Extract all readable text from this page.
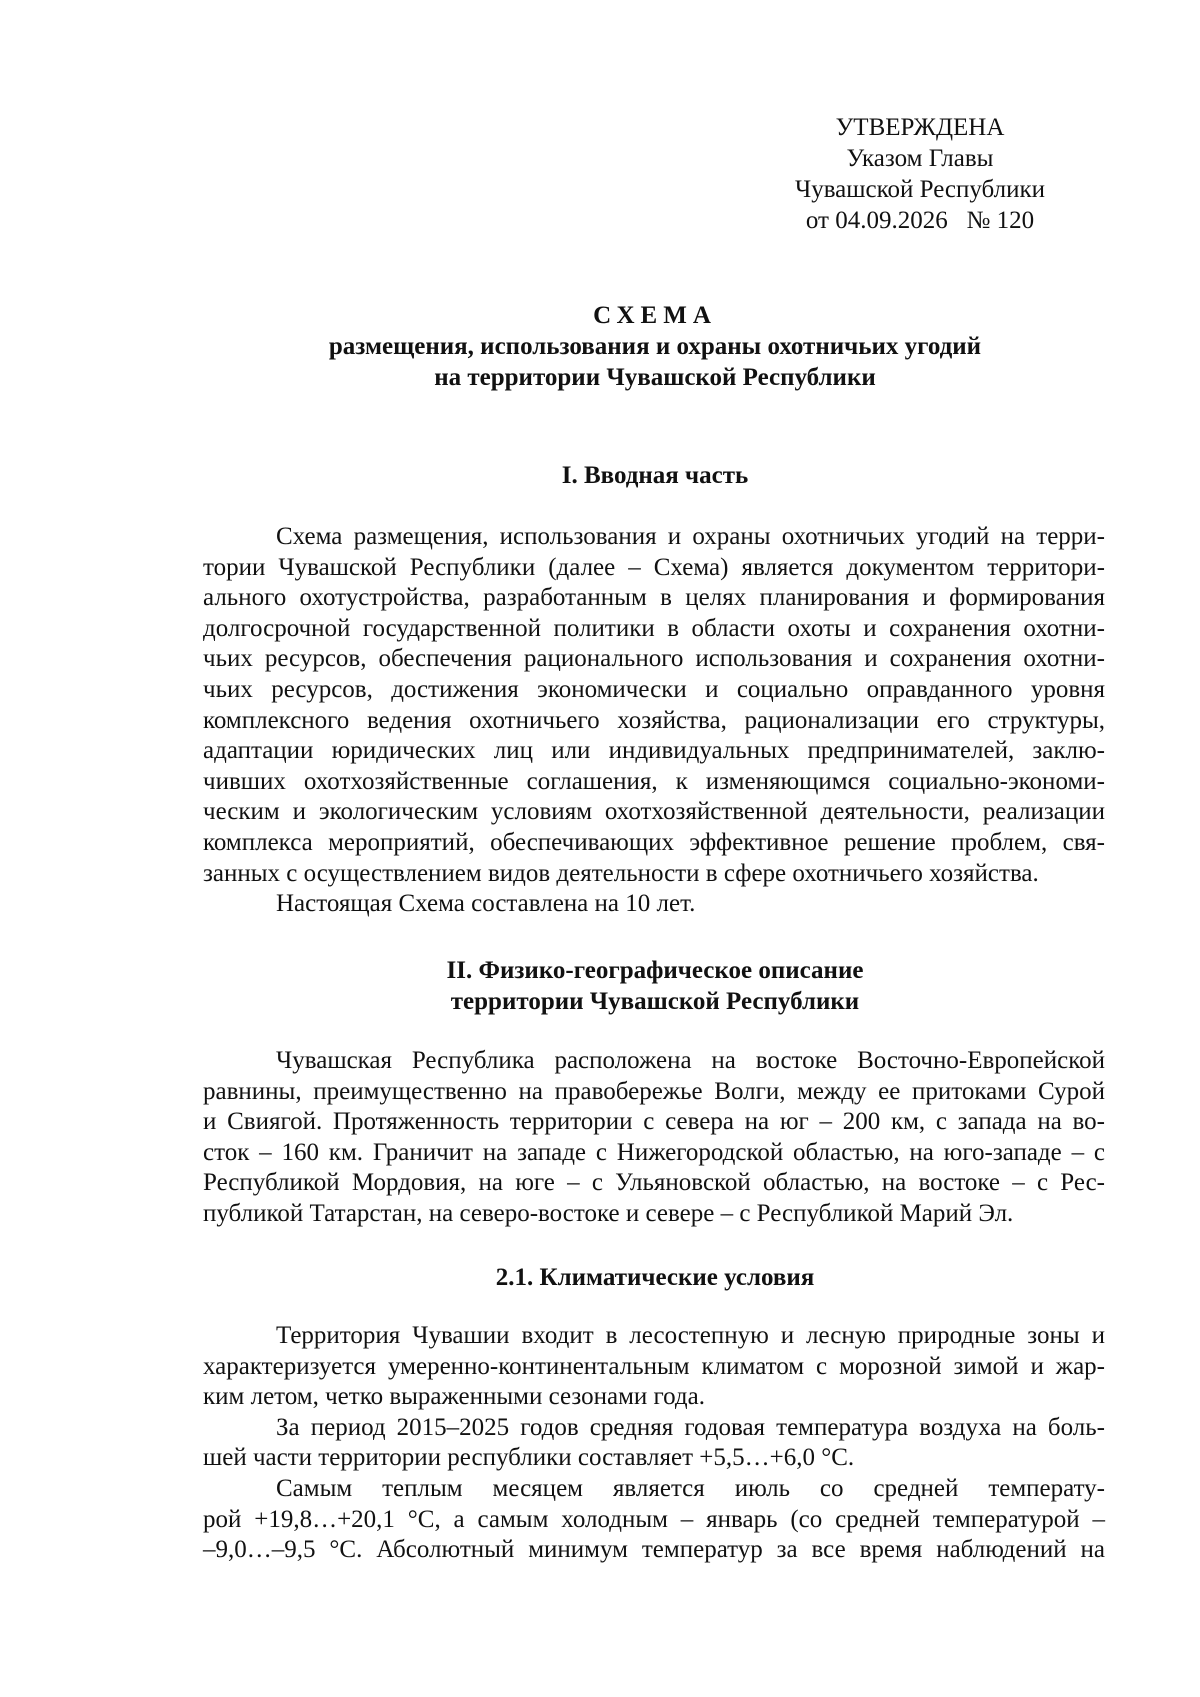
УТВЕРЖДЕНА
Указом Главы
Чувашской Республики
от 04.09.2026   № 120
СХЕМА
размещения, использования и охраны охотничьих угодий
на территории Чувашской Республики
I. Вводная часть
Схема размещения, использования и охраны охотничьих угодий на терри-
тории Чувашской Республики (далее – Схема) является документом территори-
ального охотустройства, разработанным в целях планирования и формирования
долгосрочной государственной политики в области охоты и сохранения охотни-
чьих ресурсов, обеспечения рационального использования и сохранения охотни-
чьих ресурсов, достижения экономически и социально оправданного уровня
комплексного ведения охотничьего хозяйства, рационализации его структуры,
адаптации юридических лиц или индивидуальных предпринимателей, заклю-
чивших охотхозяйственные соглашения, к изменяющимся социально-экономи-
ческим и экологическим условиям охотхозяйственной деятельности, реализации
комплекса мероприятий, обеспечивающих эффективное решение проблем, свя-
занных с осуществлением видов деятельности в сфере охотничьего хозяйства.
Настоящая Схема составлена на 10 лет.
II. Физико-географическое описание
территории Чувашской Республики
Чувашская Республика расположена на востоке Восточно-Европейской
равнины, преимущественно на правобережье Волги, между ее притоками Сурой
и Свиягой. Протяженность территории с севера на юг – 200 км, с запада на во-
сток – 160 км. Граничит на западе с Нижегородской областью, на юго-западе – с
Республикой Мордовия, на юге – с Ульяновской областью, на востоке – с Рес-
публикой Татарстан, на северо-востоке и севере – с Республикой Марий Эл.
2.1. Климатические условия
Территория Чувашии входит в лесостепную и лесную природные зоны и
характеризуется умеренно-континентальным климатом с морозной зимой и жар-
ким летом, четко выраженными сезонами года.
За период 2015–2025 годов средняя годовая температура воздуха на боль-
шей части территории республики составляет +5,5…+6,0 °С.
Самым теплым месяцем является июль со средней температу-
рой +19,8…+20,1 °С, а самым холодным – январь (со средней температурой –
–9,0…–9,5 °С. Абсолютный минимум температур за все время наблюдений на
